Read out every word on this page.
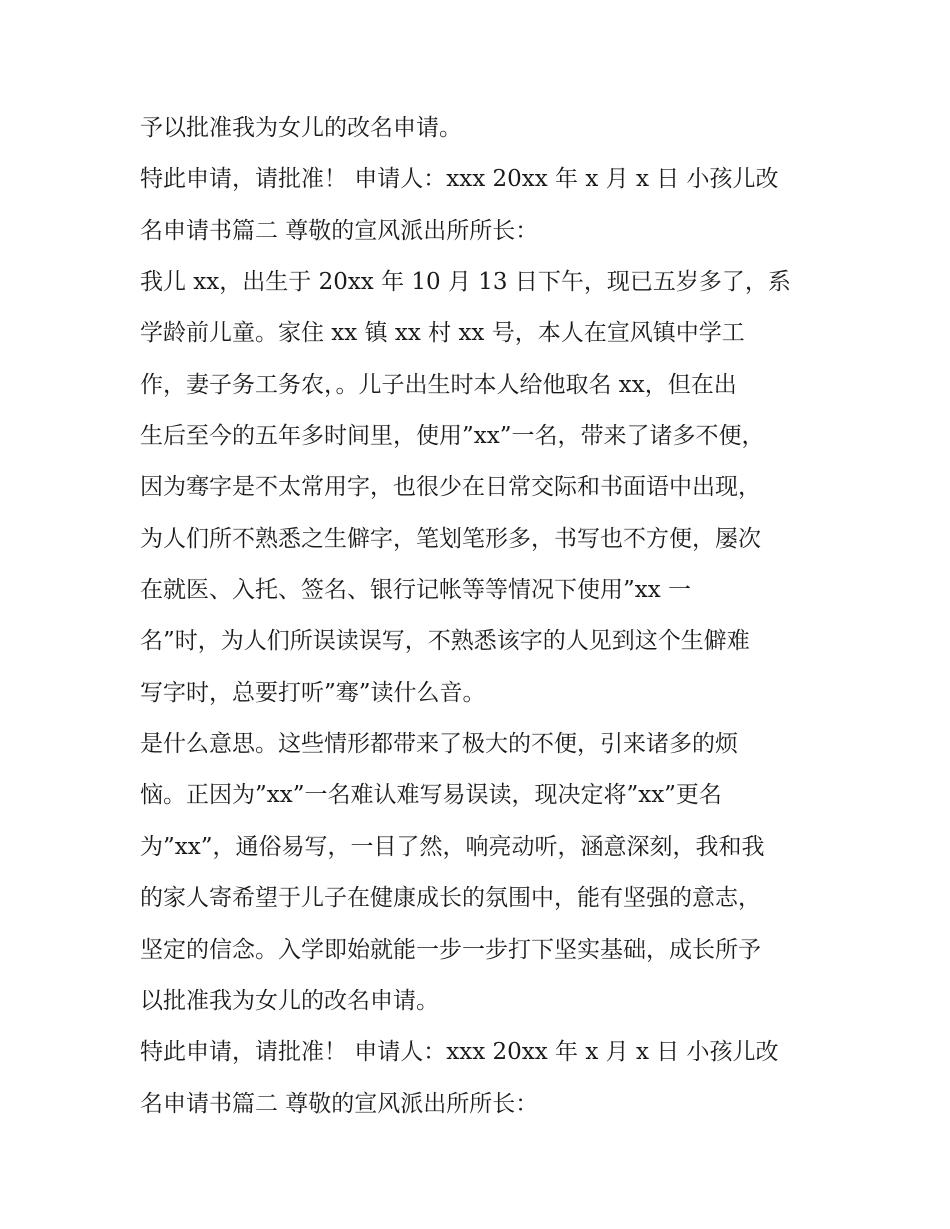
予以批准我为女儿的改名申请。
特此申请，请批准！ 申请人：xxx 20xx 年 x 月 x 日 小孩儿改
名申请书篇二 尊敬的宣风派出所所长：
我儿 xx，出生于 20xx 年 10 月 13 日下午，现已五岁多了，系
学龄前儿童。家住 xx 镇 xx 村 xx 号，本人在宣风镇中学工
作，妻子务工务农，。儿子出生时本人给他取名 xx，但在出
生后至今的五年多时间里，使用”xx”一名，带来了诸多不便，
因为骞字是不太常用字，也很少在日常交际和书面语中出现，
为人们所不熟悉之生僻字，笔划笔形多，书写也不方便，屡次
在就医、入托、签名、银行记帐等等情况下使用”xx 一
名”时，为人们所误读误写，不熟悉该字的人见到这个生僻难
写字时，总要打听”骞”读什么音。
是什么意思。这些情形都带来了极大的不便，引来诸多的烦
恼。正因为”xx”一名难认难写易误读，现决定将”xx”更名
为”xx”，通俗易写，一目了然，响亮动听，涵意深刻，我和我
的家人寄希望于儿子在健康成长的氛围中，能有坚强的意志，
坚定的信念。入学即始就能一步一步打下坚实基础，成长所予
以批准我为女儿的改名申请。
特此申请，请批准！ 申请人：xxx 20xx 年 x 月 x 日 小孩儿改
名申请书篇二 尊敬的宣风派出所所长：
